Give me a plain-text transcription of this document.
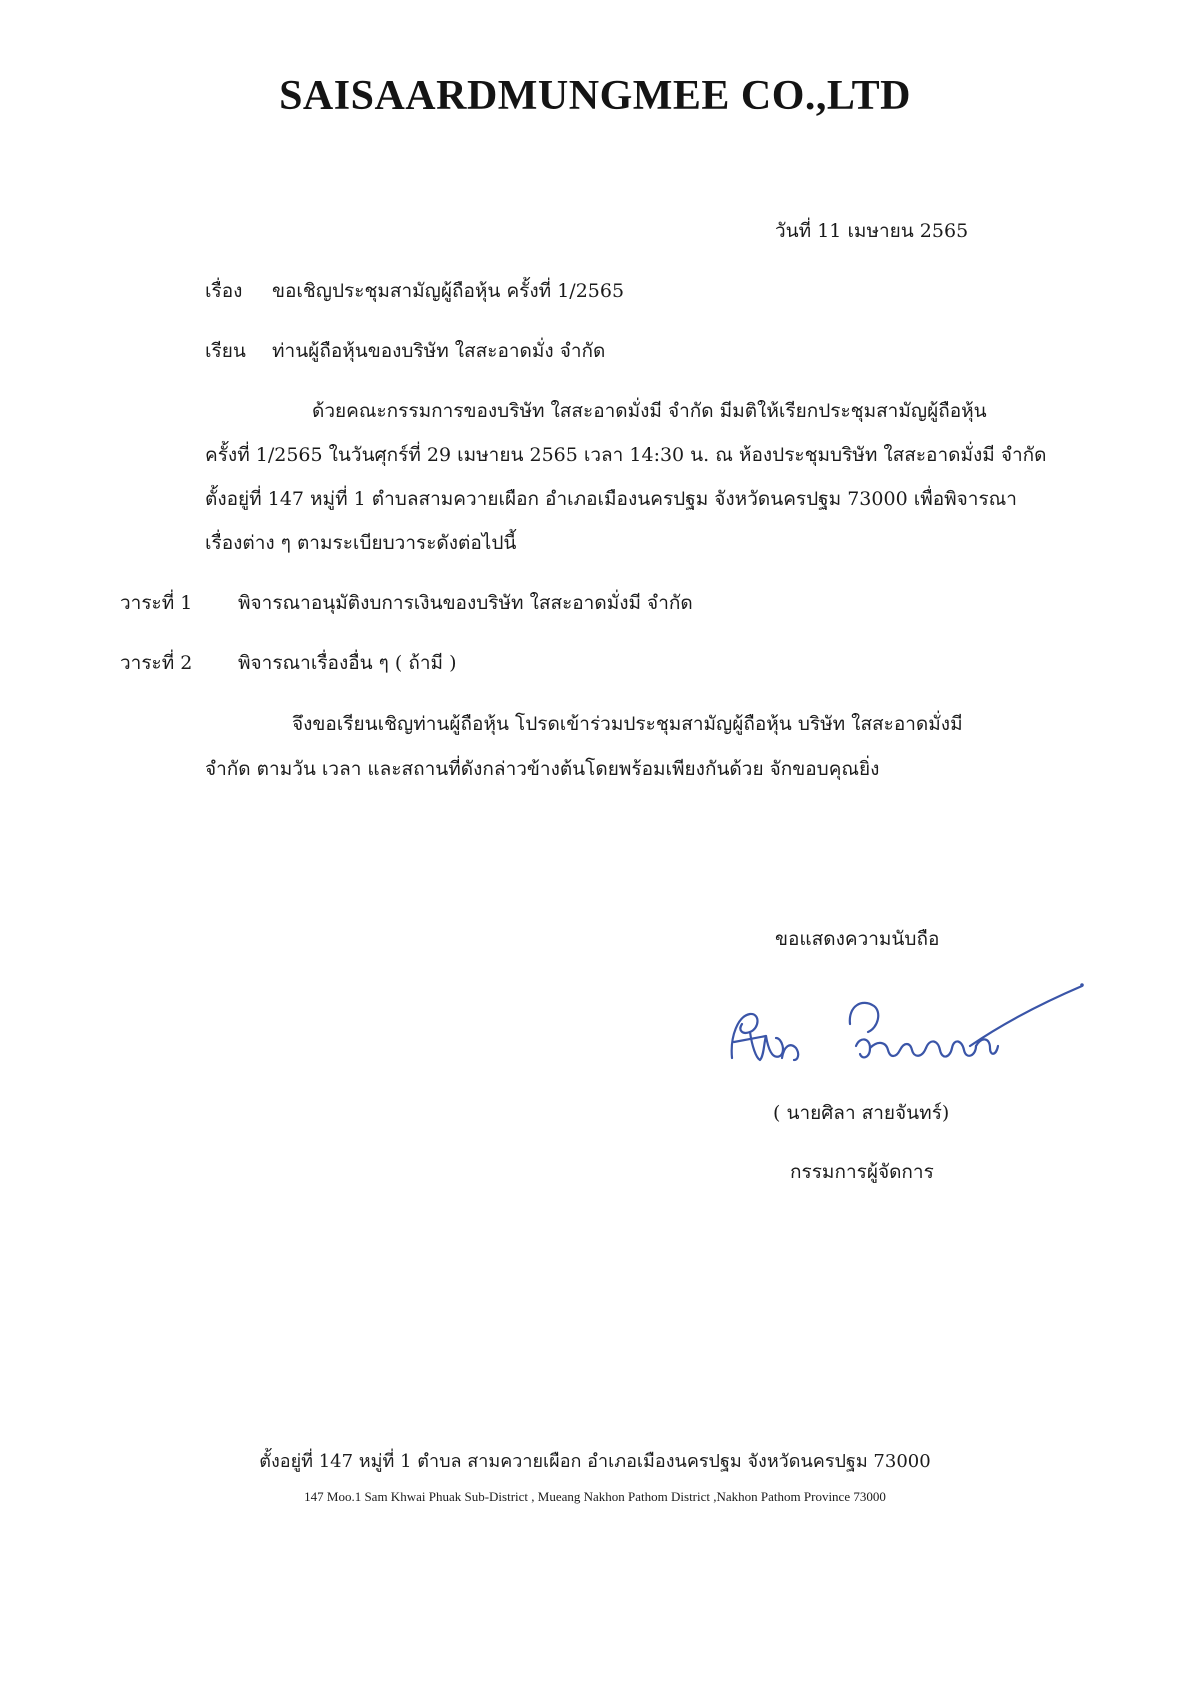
SAISAARDMUNGMEE CO.,LTD
วันที่ 11 เมษายน 2565
เรื่อง ขอเชิญประชุมสามัญผู้ถือหุ้น ครั้งที่ 1/2565
เรียน ท่านผู้ถือหุ้นของบริษัท ใสสะอาดมั่ง จำกัด
ด้วยคณะกรรมการของบริษัท ใสสะอาดมั่งมี จำกัด มีมติให้เรียกประชุมสามัญผู้ถือหุ้น
ครั้งที่ 1/2565 ในวันศุกร์ที่ 29 เมษายน 2565 เวลา 14:30 น. ณ ห้องประชุมบริษัท ใสสะอาดมั่งมี จำกัด
ตั้งอยู่ที่ 147 หมู่ที่ 1 ตำบลสามควายเผือก อำเภอเมืองนครปฐม จังหวัดนครปฐม 73000 เพื่อพิจารณา
เรื่องต่าง ๆ ตามระเบียบวาระดังต่อไปนี้
วาระที่ 1 พิจารณาอนุมัติงบการเงินของบริษัท ใสสะอาดมั่งมี จำกัด
วาระที่ 2 พิจารณาเรื่องอื่น ๆ ( ถ้ามี )
จึงขอเรียนเชิญท่านผู้ถือหุ้น โปรดเข้าร่วมประชุมสามัญผู้ถือหุ้น บริษัท ใสสะอาดมั่งมี
จำกัด ตามวัน เวลา และสถานที่ดังกล่าวข้างต้นโดยพร้อมเพียงกันด้วย จักขอบคุณยิ่ง
ขอแสดงความนับถือ
( นายศิลา สายจันทร์)
กรรมการผู้จัดการ
ตั้งอยู่ที่ 147 หมู่ที่ 1 ตำบล สามควายเผือก อำเภอเมืองนครปฐม จังหวัดนครปฐม 73000
147 Moo.1 Sam Khwai Phuak Sub-District , Mueang Nakhon Pathom District ,Nakhon Pathom Province 73000
